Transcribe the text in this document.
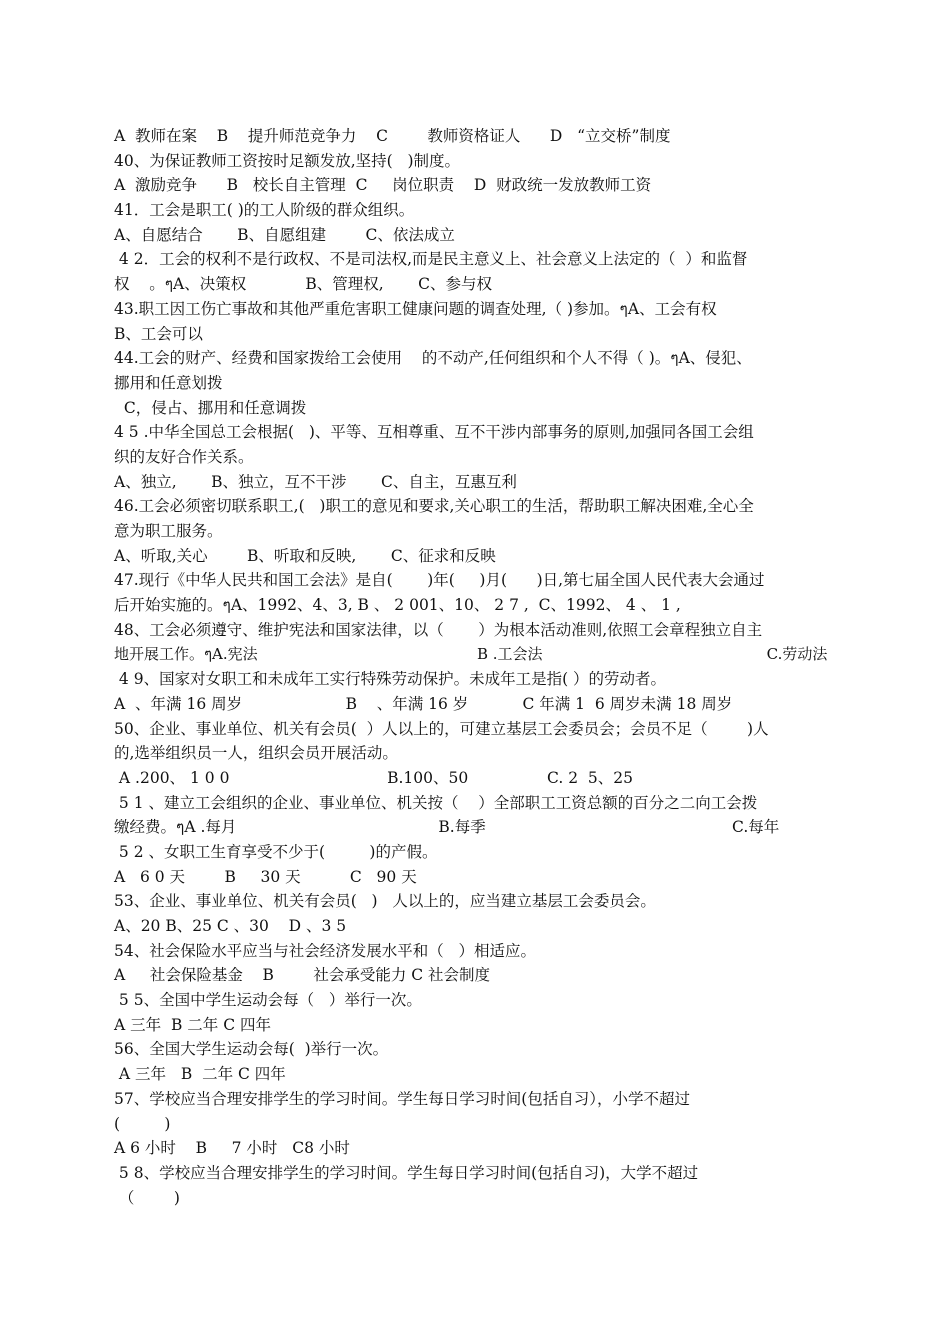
A  教师在案    B    提升师范竞争力    C        教师资格证人      D   “立交桥”制度
40、为保证教师工资按时足额发放,坚持(   )制度。
A  激励竞争      B   校长自主管理  C     岗位职责    D  财政统一发放教师工资
41．工会是职工( )的工人阶级的群众组织。
A、自愿结合       B、自愿组建        C、依法成立
4 2．工会的权利不是行政权、不是司法权,而是民主意义上、社会意义上法定的（  ）和监督
权    。ๆA、决策权            B、管理权,       C、参与权
43.职工因工伤亡事故和其他严重危害职工健康问题的调查处理,（ )参加。ๆA、工会有权
B、工会可以
44.工会的财产、经费和国家拨给工会使用    的不动产,任何组织和个人不得（ )。ๆA、侵犯、
挪用和任意划拨
C，侵占、挪用和任意调拨
4 5 .中华全国总工会根据(   )、平等、互相尊重、互不干涉内部事务的原则,加强同各国工会组
织的友好合作关系。
A、独立,       B、独立，互不干涉       C、自主，互惠互利
46.工会必须密切联系职工,(   )职工的意见和要求,关心职工的生活，帮助职工解决困难,全心全
意为职工服务。
A、听取,关心        B、听取和反映,       C、征求和反映
47.现行《中华人民共和国工会法》是自(       )年(     )月(      )日,第七届全国人民代表大会通过
后开始实施的。ๆA、1992、4、3, B 、 2 001、10、 2 7 ,  C、1992、 4 、 1 ,
48、工会必须遵守、维护宪法和国家法律，以（       ）为根本活动准则,依照工会章程独立自主
地开展工作。ๆA.宪法                                              B .工会法                                               C.劳动法
4 9、国家对女职工和未成年工实行特殊劳动保护。未成年工是指( ）的劳动者。
A  、年满 16 周岁                     B    、年满 16 岁           C 年满 1  6 周岁未满 18 周岁
50、企业、事业单位、机关有会员(  ）人以上的，可建立基层工会委员会；会员不足（        )人
的,选举组织员一人，组织会员开展活动。
A .200、 1 0 0                                B.100、50                C. 2  5、25
5 1 、建立工会组织的企业、事业单位、机关按（    ）全部职工工资总额的百分之二向工会拨
缴经费。ๆA .每月                                         B.每季                                                  C.每年
5 2 、女职工生育享受不少于(         )的产假。
A   6 0 天        B     30 天          C   90 天
53、企业、事业单位、机关有会员(   )   人以上的，应当建立基层工会委员会。
A、20 B、25 C 、30    D 、3 5
54、社会保险水平应当与社会经济发展水平和（   ）相适应。
A     社会保险基金    B        社会承受能力 C 社会制度
5 5、全国中学生运动会每（   ）举行一次。
A 三年  B 二年 C 四年
56、全国大学生运动会每(  )举行一次。
A 三年   B  二年 C 四年
57、学校应当合理安排学生的学习时间。学生每日学习时间(包括自习），小学不超过
(         )
A 6 小时    B     7 小时   C8 小时
5 8、学校应当合理安排学生的学习时间。学生每日学习时间(包括自习)，大学不超过
（        )
